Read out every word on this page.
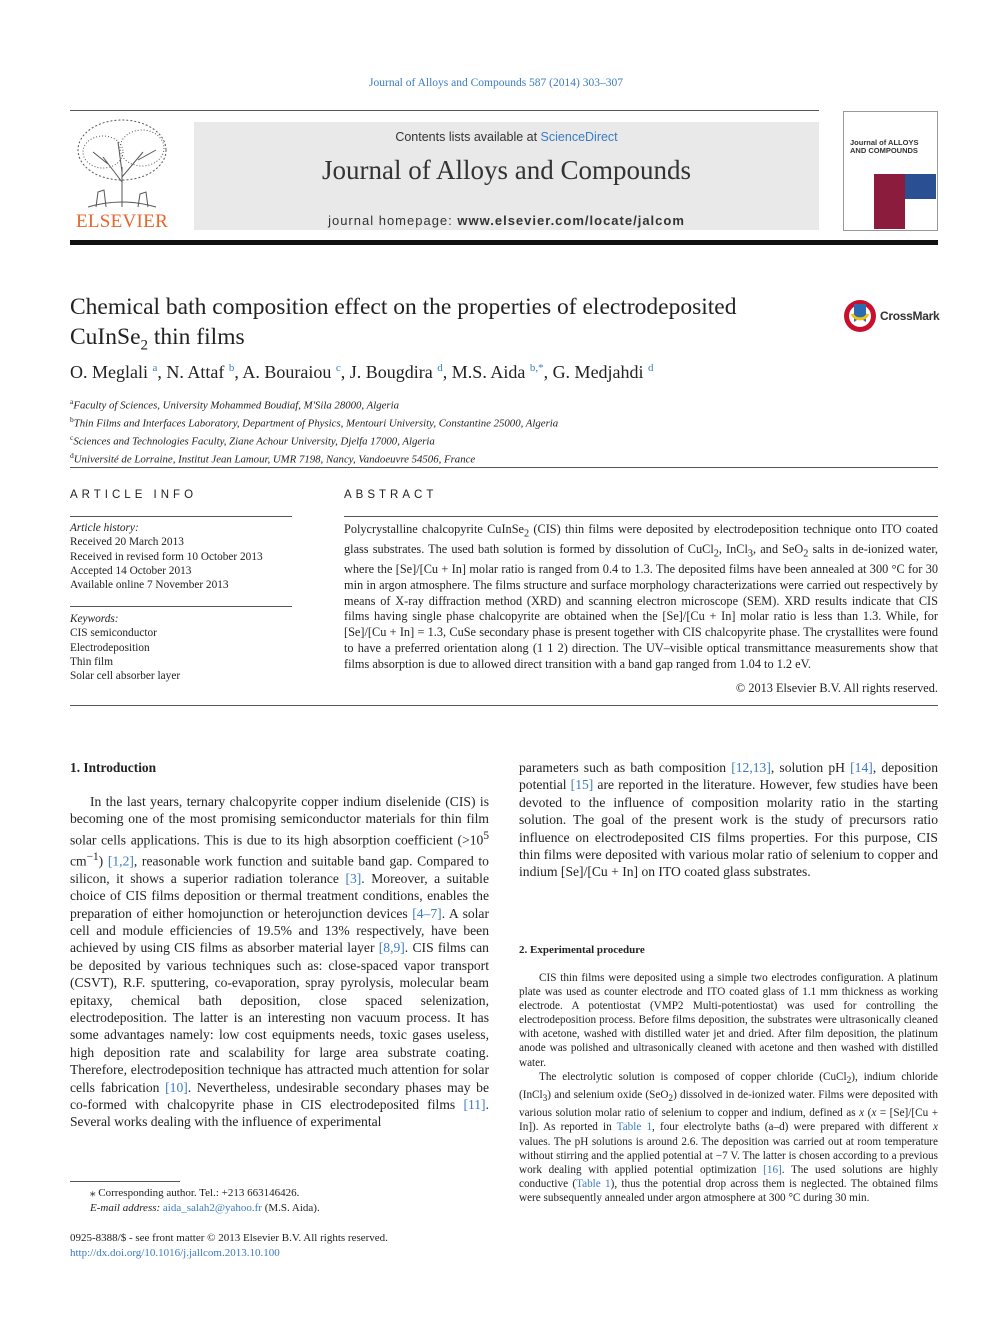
Journal of Alloys and Compounds 587 (2014) 303–307
ELSEVIER
Contents lists available at ScienceDirect
Journal of Alloys and Compounds
journal homepage: www.elsevier.com/locate/jalcom
Journal of ALLOYS AND COMPOUNDS
Chemical bath composition effect on the properties of electrodeposited
CuInSe$_2$ thin films
CrossMark
O. Meglali $^a$, N. Attaf $^b$, A. Bouraiou $^c$, J. Bougdira $^d$, M.S. Aida $^{b,*}$, G. Medjahdi $^d$
$^a$Faculty of Sciences, University Mohammed Boudiaf, M'Sila 28000, Algeria
$^b$Thin Films and Interfaces Laboratory, Department of Physics, Mentouri University, Constantine 25000, Algeria
$^c$Sciences and Technologies Faculty, Ziane Achour University, Djelfa 17000, Algeria
$^d$Université de Lorraine, Institut Jean Lamour, UMR 7198, Nancy, Vandoeuvre 54506, France
ARTICLE INFO	ABSTRACT
Article history:
Received 20 March 2013
Received in revised form 10 October 2013
Accepted 14 October 2013
Available online 7 November 2013
Keywords:
CIS semiconductor
Electrodeposition
Thin film
Solar cell absorber layer
Polycrystalline chalcopyrite CuInSe$_2$ (CIS) thin films were deposited by electrodeposition technique onto ITO coated glass substrates. The used bath solution is formed by dissolution of CuCl$_2$, InCl$_3$, and SeO$_2$ salts in de-ionized water, where the [Se]/[Cu + In] molar ratio is ranged from 0.4 to 1.3. The deposited films have been annealed at 300 °C for 30 min in argon atmosphere. The films structure and surface morphology characterizations were carried out respectively by means of X-ray diffraction method (XRD) and scanning electron microscope (SEM). XRD results indicate that CIS films having single phase chalcopyrite are obtained when the [Se]/[Cu + In] molar ratio is less than 1.3. While, for [Se]/[Cu + In] = 1.3, CuSe secondary phase is present together with CIS chalcopyrite phase. The crystallites were found to have a preferred orientation along (1 1 2) direction. The UV–visible optical transmittance measurements show that films absorption is due to allowed direct transition with a band gap ranged from 1.04 to 1.2 eV.
© 2013 Elsevier B.V. All rights reserved.
1. Introduction
In the last years, ternary chalcopyrite copper indium diselenide (CIS) is becoming one of the most promising semiconductor materials for thin film solar cells applications. This is due to its high absorption coefficient ($>10^5$ $cm^{-1}$) [1,2], reasonable work function and suitable band gap. Compared to silicon, it shows a superior radiation tolerance [3]. Moreover, a suitable choice of CIS films deposition or thermal treatment conditions, enables the preparation of either homojunction or heterojunction devices [4–7]. A solar cell and module efficiencies of 19.5% and 13% respectively, have been achieved by using CIS films as absorber material layer [8,9]. CIS films can be deposited by various techniques such as: close-spaced vapor transport (CSVT), R.F. sputtering, co-evaporation, spray pyrolysis, molecular beam epitaxy, chemical bath deposition, close spaced selenization, electrodeposition. The latter is an interesting non vacuum process. It has some advantages namely: low cost equipments needs, toxic gases useless, high deposition rate and scalability for large area substrate coating. Therefore, electrodeposition technique has attracted much attention for solar cells fabrication [10]. Nevertheless, undesirable secondary phases may be co-formed with chalcopyrite phase in CIS electrodeposited films [11]. Several works dealing with the influence of experimental
parameters such as bath composition [12,13], solution pH [14], deposition potential [15] are reported in the literature. However, few studies have been devoted to the influence of composition molarity ratio in the starting solution. The goal of the present work is the study of precursors ratio influence on electrodeposited CIS films properties. For this purpose, CIS thin films were deposited with various molar ratio of selenium to copper and indium [Se]/[Cu + In] on ITO coated glass substrates.
2. Experimental procedure

CIS thin films were deposited using a simple two electrodes configuration. A platinum plate was used as counter electrode and ITO coated glass of 1.1 mm thickness as working electrode. A potentiostat (VMP2 Multi-potentiostat) was used for controlling the electrodeposition process. Before films deposition, the substrates were ultrasonically cleaned with acetone, washed with distilled water jet and dried. After film deposition, the platinum anode was polished and ultrasonically cleaned with acetone and then washed with distilled water.

The electrolytic solution is composed of copper chloride (CuCl$_2$), indium chloride (InCl$_3$) and selenium oxide (SeO$_2$) dissolved in de-ionized water. Films were deposited with various solution molar ratio of selenium to copper and indium, defined as x (x = [Se]/[Cu + In]). As reported in Table 1, four electrolyte baths (a–d) were prepared with different x values. The pH solutions is around 2.6. The deposition was carried out at room temperature without stirring and the applied potential at −7 V. The latter is chosen according to a previous work dealing with applied potential optimization [16]. The used solutions are highly conductive (Table 1), thus the potential drop across them is neglected. The obtained films were subsequently annealed under argon atmosphere at 300 °C during 30 min.

⁎ Corresponding author. Tel.: +213 663146426.
E-mail address: aida_salah2@yahoo.fr (M.S. Aida).
0925-8388/$ - see front matter © 2013 Elsevier B.V. All rights reserved.
http://dx.doi.org/10.1016/j.jallcom.2013.10.100
